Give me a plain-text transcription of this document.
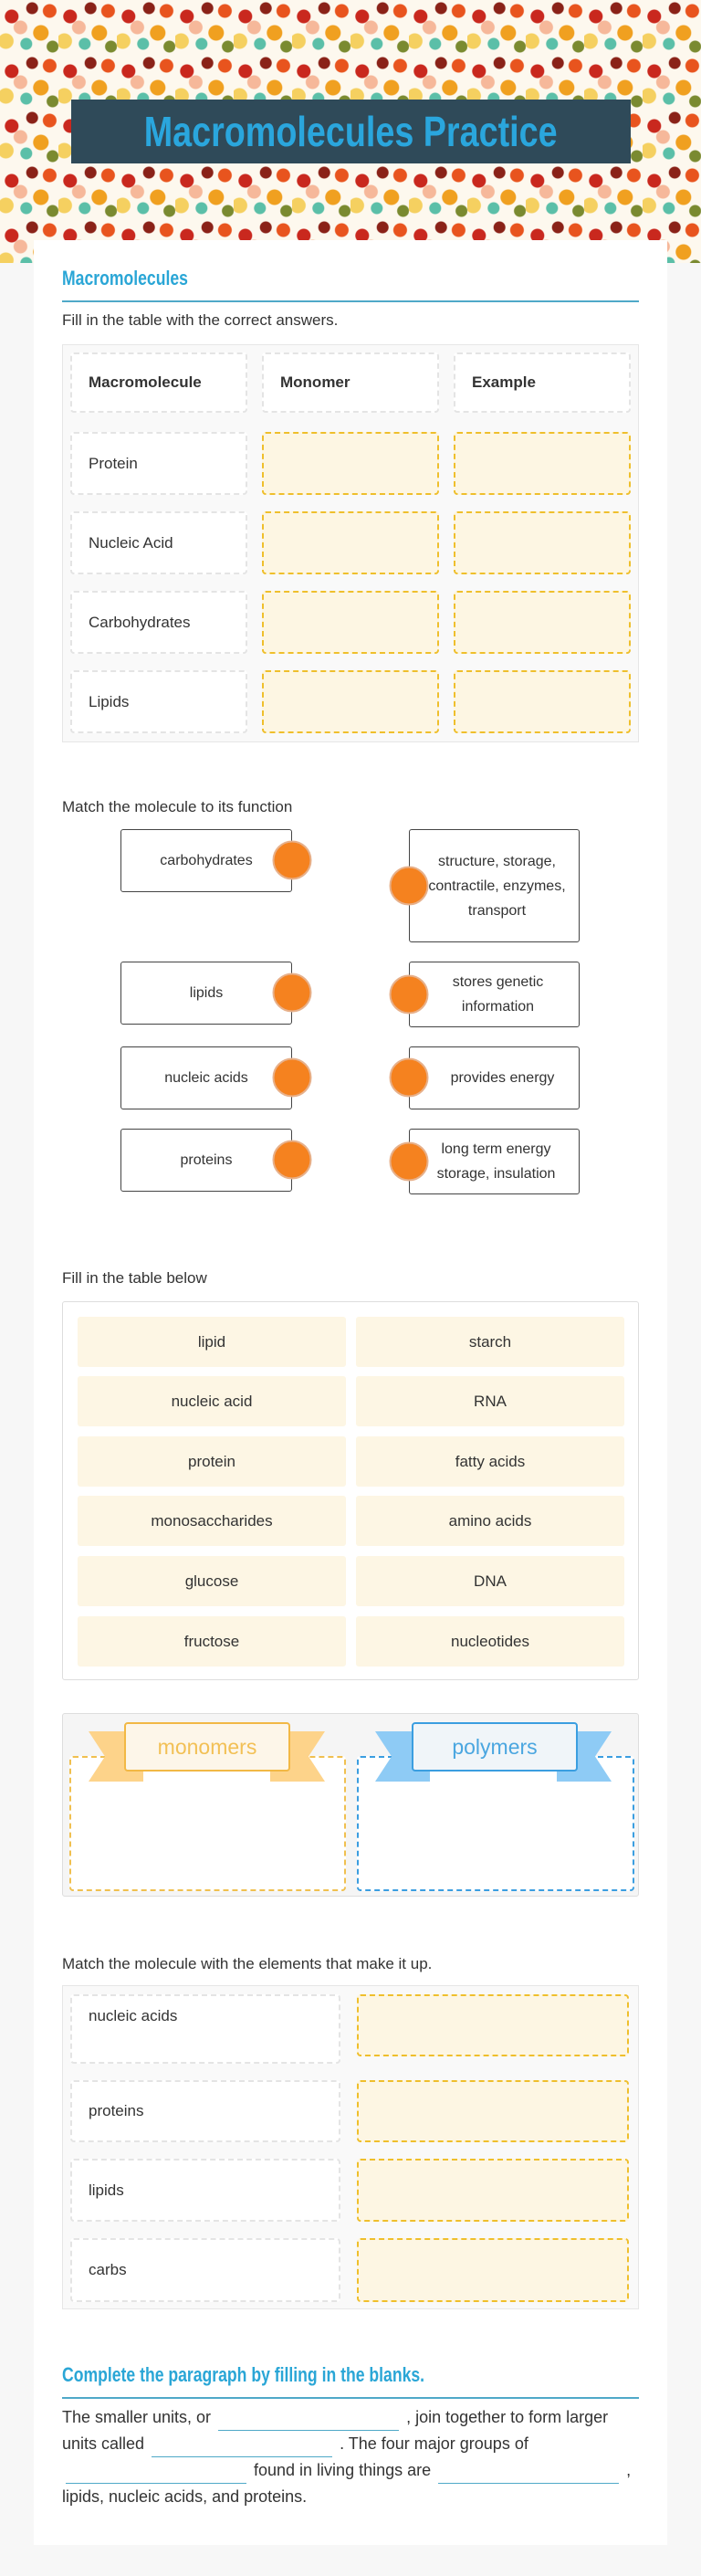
Macromolecules Practice
Macromolecules
Fill in the table with the correct answers.
Macromolecule	Monomer	Example
Protein
Nucleic Acid
Carbohydrates
Lipids
Match the molecule to its function
carbohydrates
lipids
nucleic acids
proteins
structure, storage, contractile, enzymes, transport
stores genetic information
provides energy
long term energy storage, insulation
Fill in the table below
lipid	starch
nucleic acid	RNA
protein	fatty acids
monosaccharides	amino acids
glucose	DNA
fructose	nucleotides
monomers	polymers
Match the molecule with the elements that make it up.
nucleic acids
proteins
lipids
carbs
Complete the paragraph by filling in the blanks.
The smaller units, or	, join together to form larger units called	. The four major groups of found in living things are	, lipids, nucleic acids, and proteins.
